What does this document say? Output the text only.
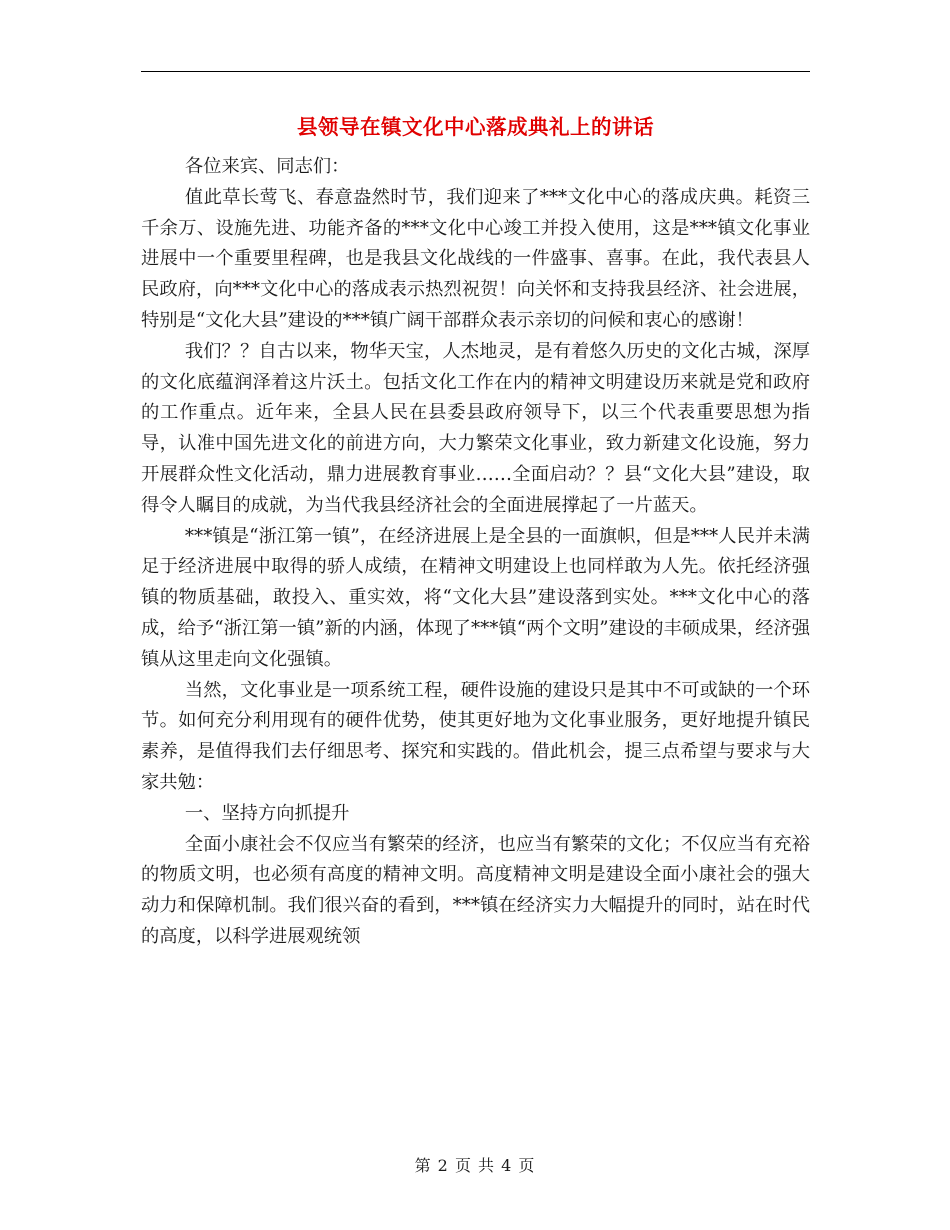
县领导在镇文化中心落成典礼上的讲话

各位来宾、同志们：

值此草长莺飞、春意盎然时节，我们迎来了***文化中心的落成庆典。耗资三千余万、设施先进、功能齐备的***文化中心竣工并投入使用，这是***镇文化事业进展中一个重要里程碑，也是我县文化战线的一件盛事、喜事。在此，我代表县人民政府，向***文化中心的落成表示热烈祝贺！向关怀和支持我县经济、社会进展，特别是“文化大县”建设的***镇广阔干部群众表示亲切的问候和衷心的感谢！

我们？？自古以来，物华天宝，人杰地灵，是有着悠久历史的文化古城，深厚的文化底蕴润泽着这片沃土。包括文化工作在内的精神文明建设历来就是党和政府的工作重点。近年来，全县人民在县委县政府领导下，以三个代表重要思想为指导，认准中国先进文化的前进方向，大力繁荣文化事业，致力新建文化设施，努力开展群众性文化活动，鼎力进展教育事业……全面启动？？县“文化大县”建设，取得令人瞩目的成就，为当代我县经济社会的全面进展撑起了一片蓝天。

***镇是“浙江第一镇”，在经济进展上是全县的一面旗帜，但是***人民并未满足于经济进展中取得的骄人成绩，在精神文明建设上也同样敢为人先。依托经济强镇的物质基础，敢投入、重实效，将“文化大县”建设落到实处。***文化中心的落成，给予“浙江第一镇”新的内涵，体现了***镇“两个文明”建设的丰硕成果，经济强镇从这里走向文化强镇。

当然，文化事业是一项系统工程，硬件设施的建设只是其中不可或缺的一个环节。如何充分利用现有的硬件优势，使其更好地为文化事业服务，更好地提升镇民素养，是值得我们去仔细思考、探究和实践的。借此机会，提三点希望与要求与大家共勉：

一、坚持方向抓提升

全面小康社会不仅应当有繁荣的经济，也应当有繁荣的文化；不仅应当有充裕的物质文明，也必须有高度的精神文明。高度精神文明是建设全面小康社会的强大动力和保障机制。我们很兴奋的看到，***镇在经济实力大幅提升的同时，站在时代的高度，以科学进展观统领

第 2 页 共 4 页
